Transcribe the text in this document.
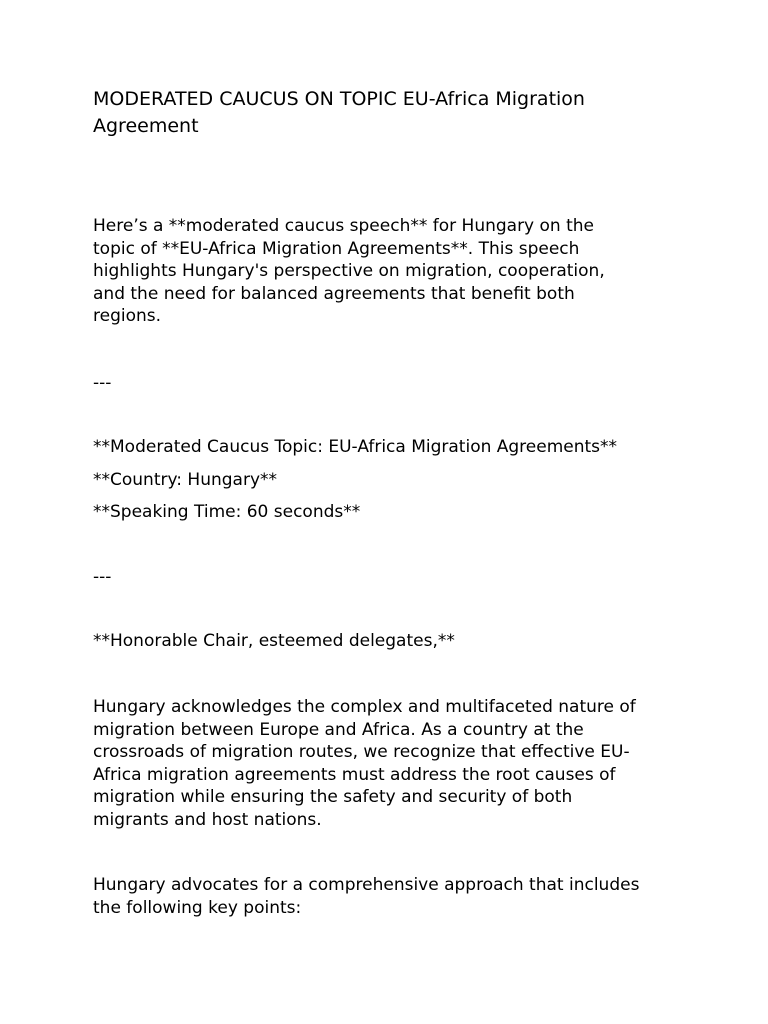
MODERATED CAUCUS ON TOPIC EU-Africa Migration
Agreement

Here’s a **moderated caucus speech** for Hungary on the
topic of **EU-Africa Migration Agreements**. This speech
highlights Hungary's perspective on migration, cooperation,
and the need for balanced agreements that benefit both
regions.

---

**Moderated Caucus Topic: EU-Africa Migration Agreements**

**Country: Hungary**

**Speaking Time: 60 seconds**

---

**Honorable Chair, esteemed delegates,**

Hungary acknowledges the complex and multifaceted nature of
migration between Europe and Africa. As a country at the
crossroads of migration routes, we recognize that effective EU-
Africa migration agreements must address the root causes of
migration while ensuring the safety and security of both
migrants and host nations.

Hungary advocates for a comprehensive approach that includes
the following key points:
